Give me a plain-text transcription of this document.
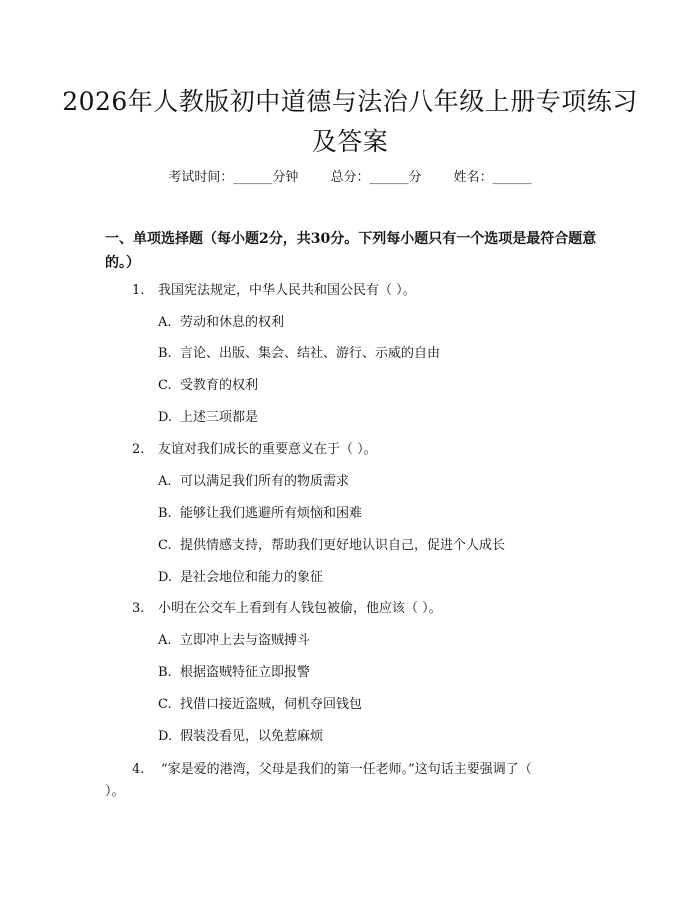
2026年人教版初中道德与法治八年级上册专项练习及答案
考试时间：______分钟 总分：______分 姓名：______
一、单项选择题（每小题2分，共30分。下列每小题只有一个选项是最符合题意的。）
1. 我国宪法规定，中华人民共和国公民有（ ）。
A. 劳动和休息的权利
B. 言论、出版、集会、结社、游行、示威的自由
C. 受教育的权利
D. 上述三项都是
2. 友谊对我们成长的重要意义在于（ ）。
A. 可以满足我们所有的物质需求
B. 能够让我们逃避所有烦恼和困难
C. 提供情感支持，帮助我们更好地认识自己，促进个人成长
D. 是社会地位和能力的象征
3. 小明在公交车上看到有人钱包被偷，他应该（ ）。
A. 立即冲上去与盗贼搏斗
B. 根据盗贼特征立即报警
C. 找借口接近盗贼，伺机夺回钱包
D. 假装没看见，以免惹麻烦
4. “家是爱的港湾，父母是我们的第一任老师。”这句话主要强调了（ ）。
